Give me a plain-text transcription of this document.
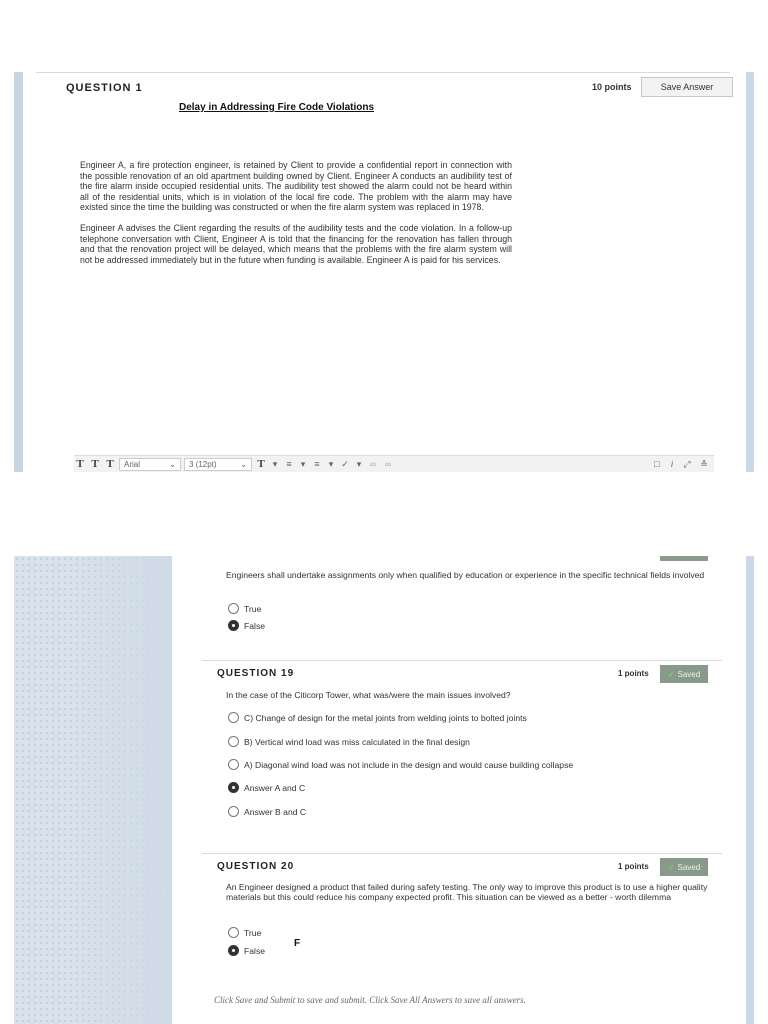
QUESTION 1	10 points	Save Answer
Delay in Addressing Fire Code Violations

Engineer A, a fire protection engineer, is retained by Client to provide a confidential report in connection with the possible renovation of an old apartment building owned by Client. Engineer A conducts an audibility test of the fire alarm inside occupied residential units. The audibility test showed the alarm could not be heard within all of the residential units, which is in violation of the local fire code. The problem with the alarm may have existed since the time the building was constructed or when the fire alarm system was replaced in 1978.

Engineer A advises the Client regarding the results of the audibility tests and the code violation. In a follow-up telephone conversation with Client, Engineer A is told that the financing for the renovation has fallen through and that the renovation project will be delayed, which means that the problems with the fire alarm system will not be addressed immediately but in the future when funding is available. Engineer A is paid for his services.

T T T Arial	⌄ 3 (12pt)	⌄ T ▾	≡	▾	≡	▾ ✓ ▾ ∞ ∞	□	i	⤢	≛
Engineers shall undertake assignments only when qualified by education or experience in the specific technical fields involved
True
False
QUESTION 19	1 points ✓ Saved
In the case of the Citicorp Tower, what was/were the main issues involved?
C) Change of design for the metal joints from welding joints to bolted joints
B) Vertical wind load was miss calculated in the final design
A) Diagonal wind load was not include in the design and would cause building collapse
Answer A and C
Answer B and C
QUESTION 20	1 points ✓ Saved
An Engineer designed a product that failed during safety testing. The only way to improve this product is to use a higher quality materials but this could reduce his company expected profit. This situation can be viewed as a better - worth dilemma
True
False
F
Click Save and Submit to save and submit. Click Save All Answers to save all answers.
